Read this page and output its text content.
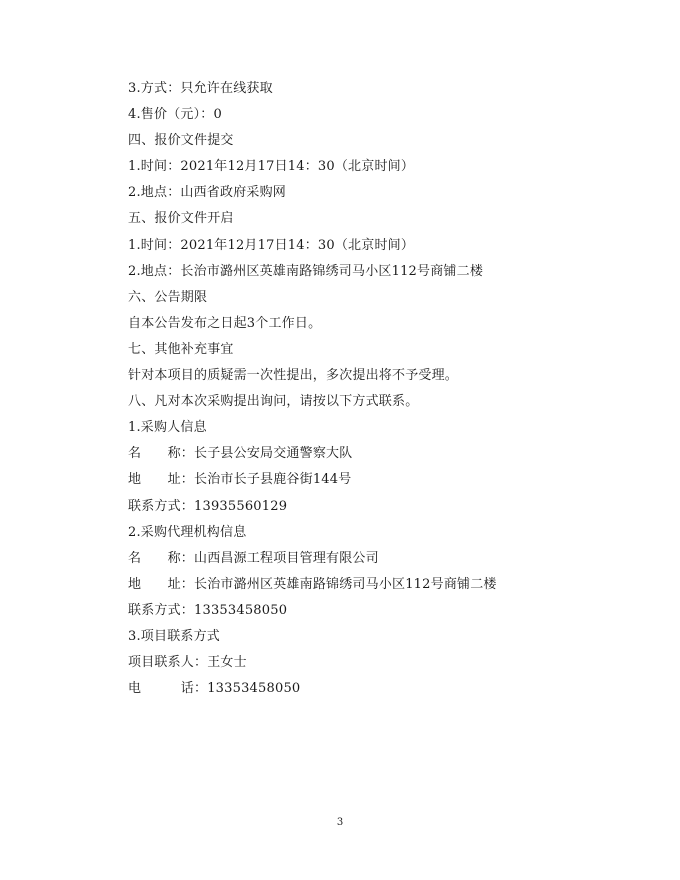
3.方式：只允许在线获取
4.售价（元）：0
四、报价文件提交
1.时间：2021年12月17日14：30（北京时间）
2.地点：山西省政府采购网
五、报价文件开启
1.时间：2021年12月17日14：30（北京时间）
2.地点：长治市潞州区英雄南路锦绣司马小区112号商铺二楼
六、公告期限
自本公告发布之日起3个工作日。
七、其他补充事宜
针对本项目的质疑需一次性提出，多次提出将不予受理。
八、凡对本次采购提出询问，请按以下方式联系。
1.采购人信息
名　　称：长子县公安局交通警察大队
地　　址：长治市长子县鹿谷街144号
联系方式：13935560129
2.采购代理机构信息
名　　称：山西昌源工程项目管理有限公司
地　　址：长治市潞州区英雄南路锦绣司马小区112号商铺二楼
联系方式：13353458050
3.项目联系方式
项目联系人：王女士
电　　　话：13353458050
3
